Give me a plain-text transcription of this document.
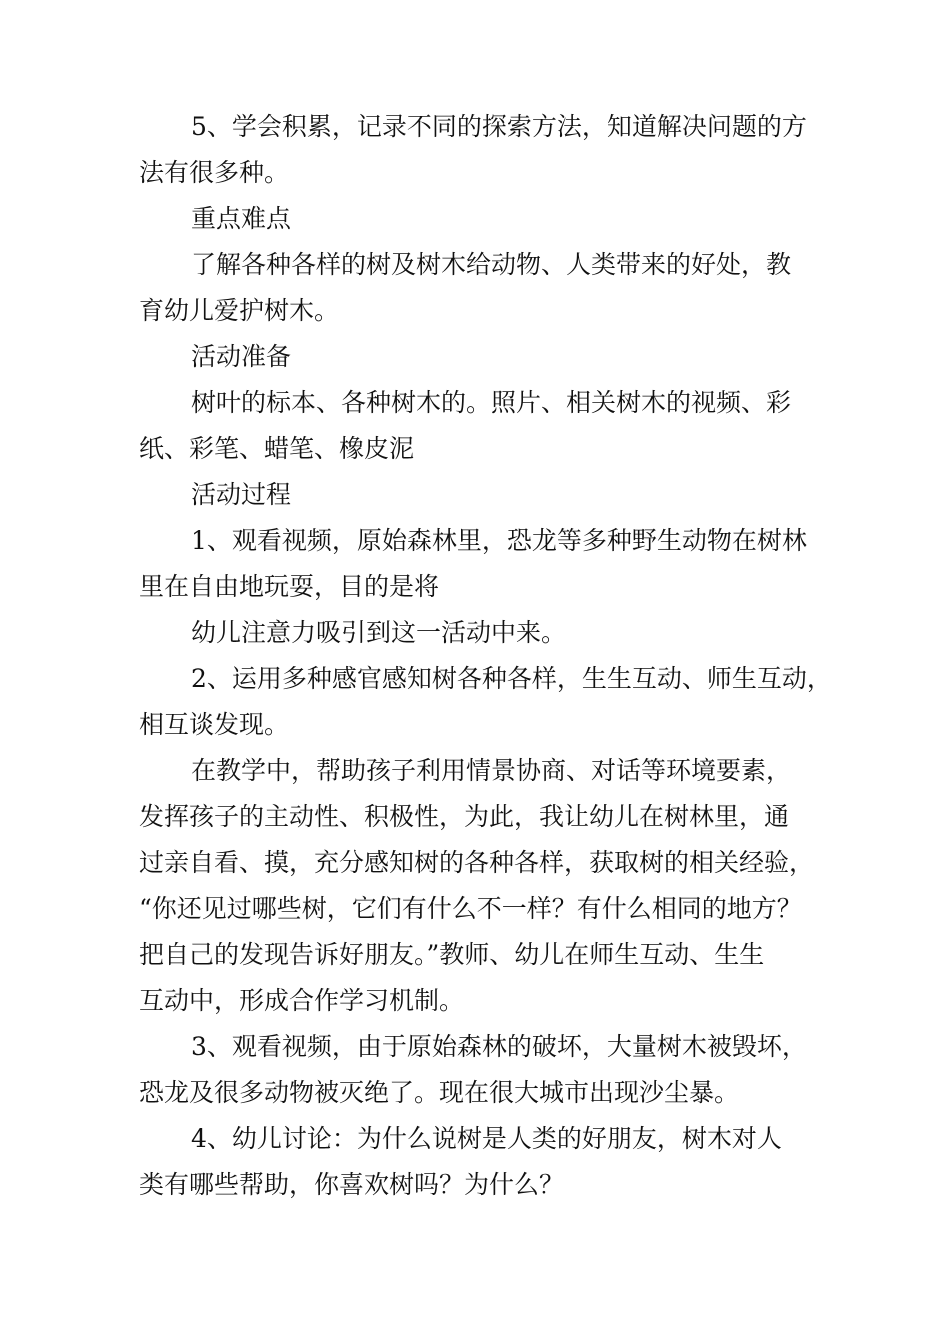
5、学会积累，记录不同的探索方法，知道解决问题的方
法有很多种。
重点难点
了解各种各样的树及树木给动物、人类带来的好处，教
育幼儿爱护树木。
活动准备
树叶的标本、各种树木的。照片、相关树木的视频、彩
纸、彩笔、蜡笔、橡皮泥
活动过程
1、观看视频，原始森林里，恐龙等多种野生动物在树林
里在自由地玩耍，目的是将
幼儿注意力吸引到这一活动中来。
2、运用多种感官感知树各种各样，生生互动、师生互动，
相互谈发现。
在教学中，帮助孩子利用情景协商、对话等环境要素，
发挥孩子的主动性、积极性，为此，我让幼儿在树林里，通
过亲自看、摸，充分感知树的各种各样，获取树的相关经验，
“你还见过哪些树，它们有什么不一样？有什么相同的地方？
把自己的发现告诉好朋友。”教师、幼儿在师生互动、生生
互动中，形成合作学习机制。
3、观看视频，由于原始森林的破坏，大量树木被毁坏，
恐龙及很多动物被灭绝了。现在很大城市出现沙尘暴。
4、幼儿讨论：为什么说树是人类的好朋友，树木对人
类有哪些帮助，你喜欢树吗？为什么？
